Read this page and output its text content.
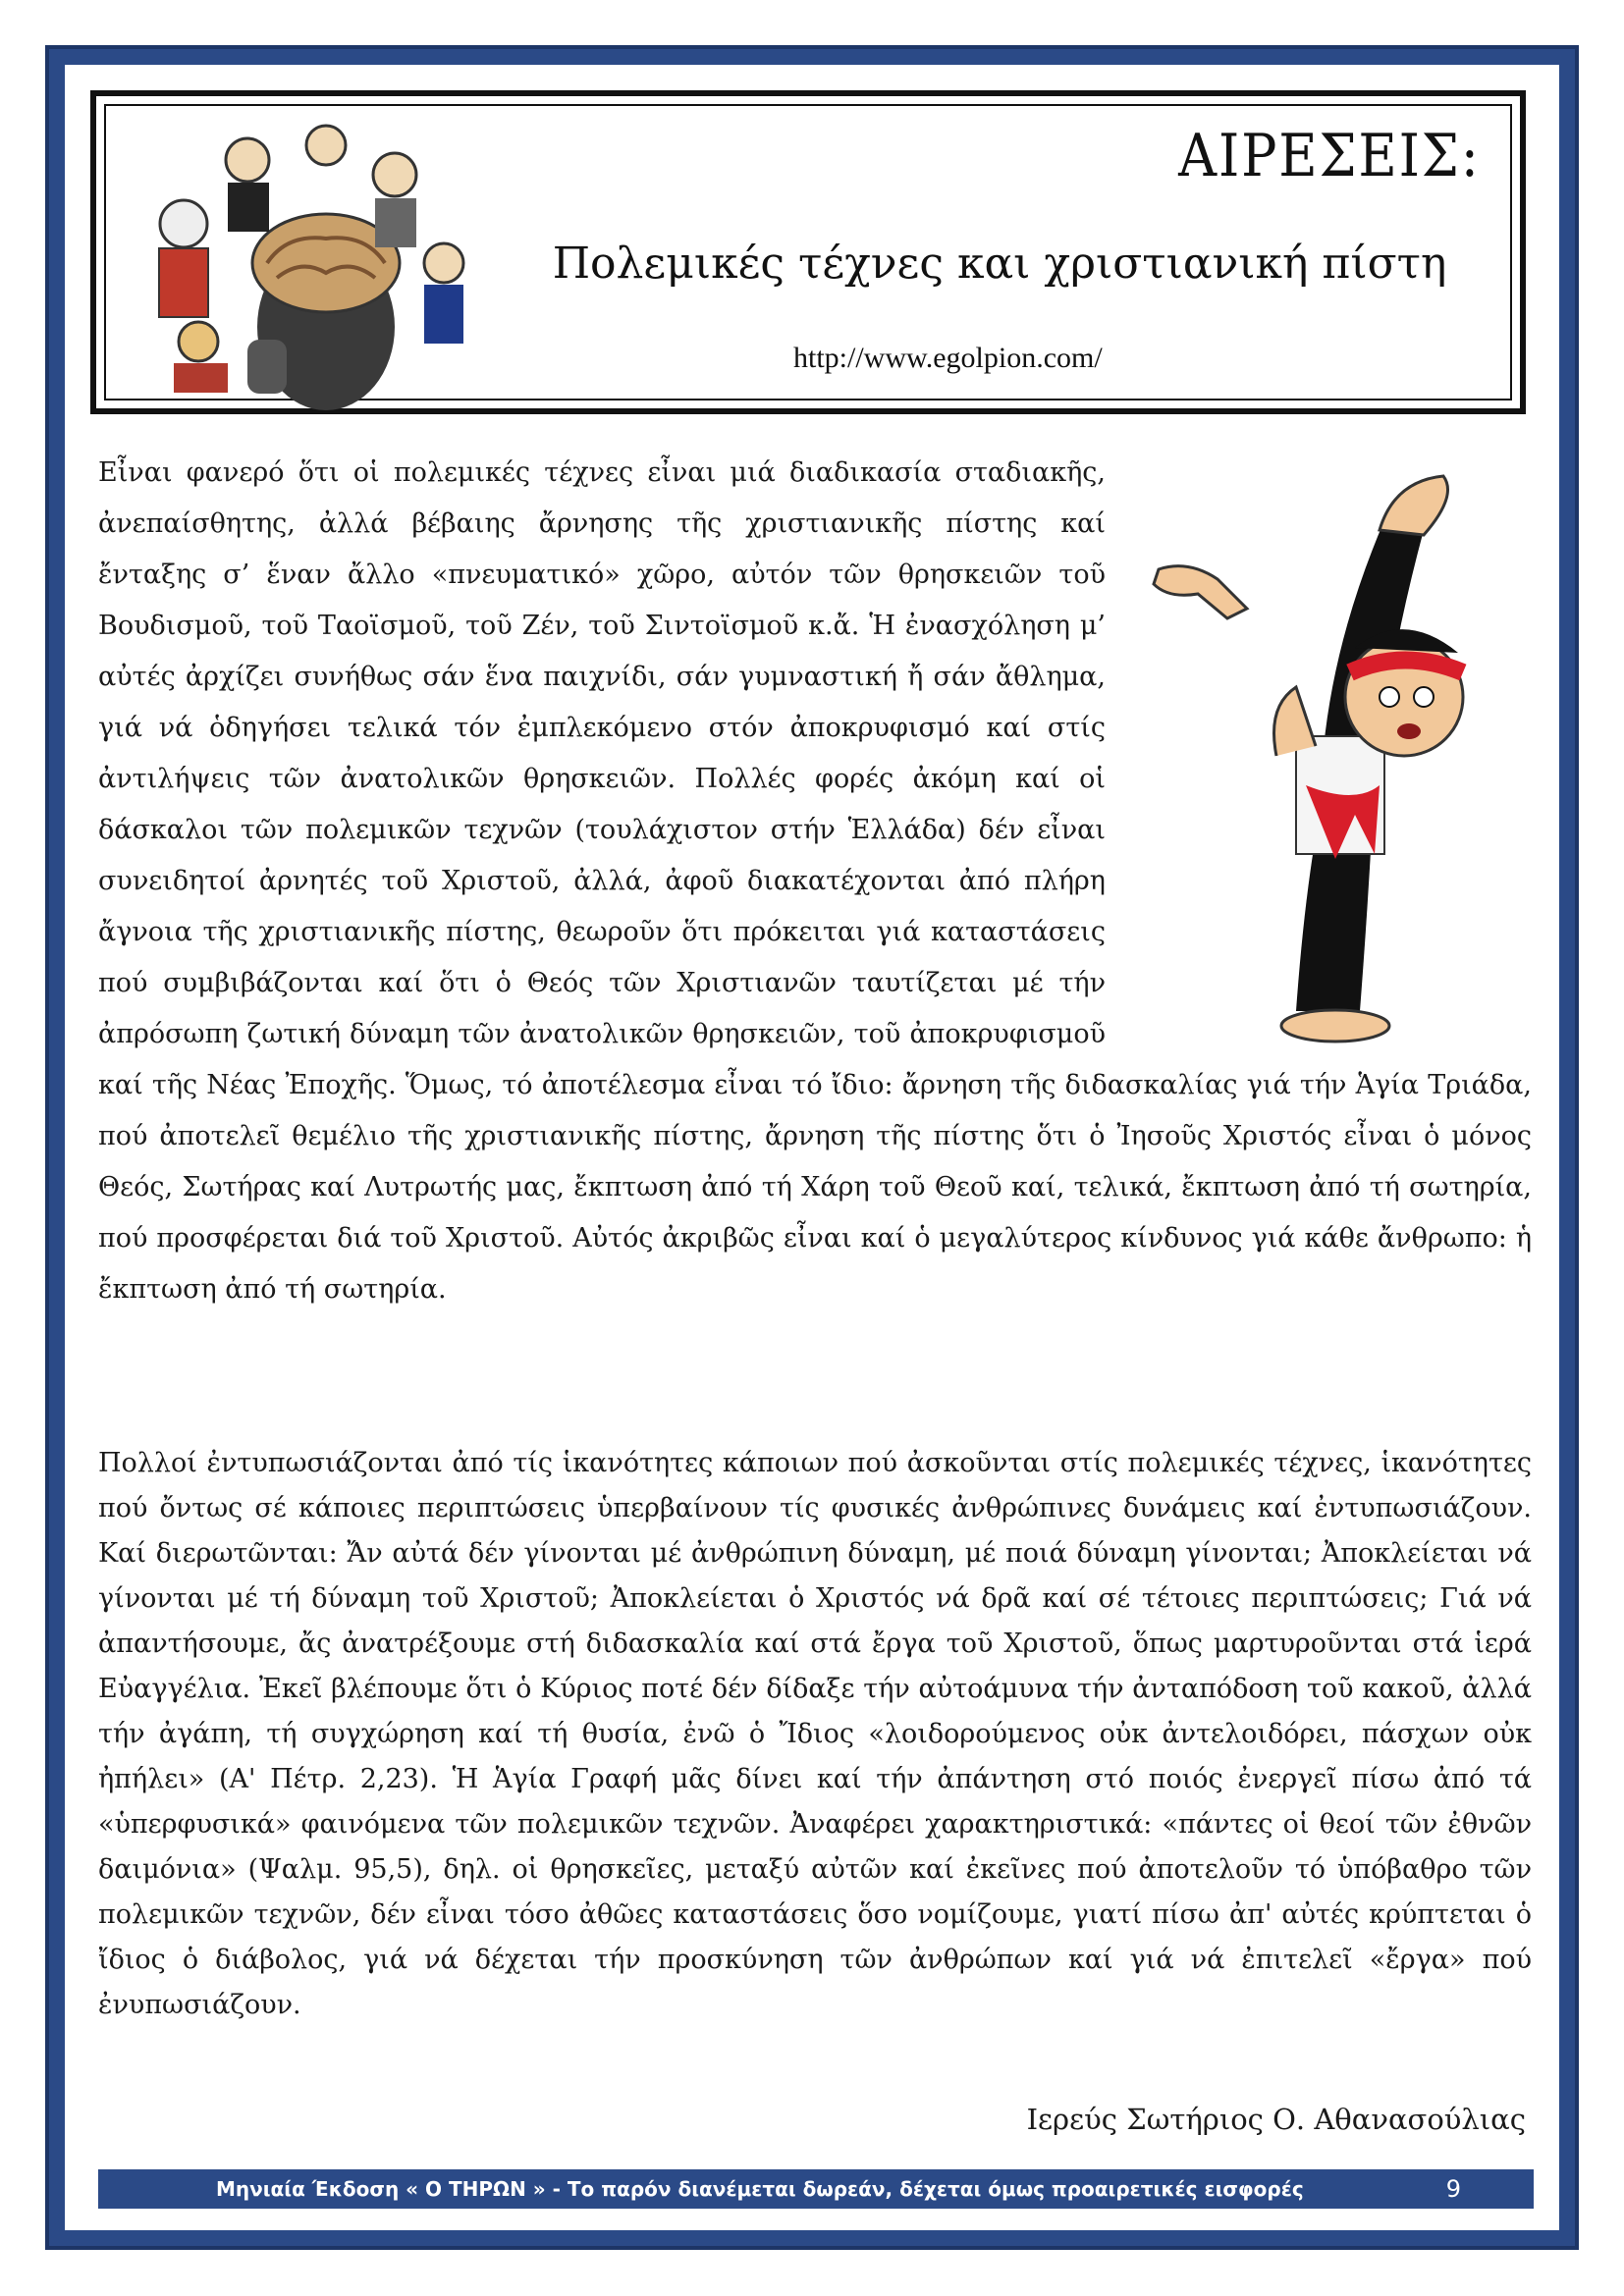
ΑΙΡΕΣΕΙΣ:
Πολεμικές τέχνες και χριστιανική πίστη
http://www.egolpion.com/
Εἶναι φανερό ὅτι οἱ πολεμικές τέχνες εἶναι μιά διαδικασία σταδιακῆς, ἀνεπαίσθητης, ἀλλά βέβαιης ἄρνησης τῆς χριστιανικῆς πίστης καί ἔνταξης σ’ ἕναν ἄλλο «πνευματικό» χῶρο, αὐτόν τῶν θρησκειῶν τοῦ Βουδισμοῦ, τοῦ Ταοϊσμοῦ, τοῦ Ζέν, τοῦ Σιντοϊσμοῦ κ.ἄ. Ἡ ἐνασχόληση μ’ αὐτές ἀρχίζει συνήθως σάν ἕνα παιχνίδι, σάν γυμναστική ἤ σάν ἄθλημα, γιά νά ὁδηγήσει τελικά τόν ἐμπλεκόμενο στόν ἀποκρυφισμό καί στίς ἀντιλήψεις τῶν ἀνατολικῶν θρησκειῶν. Πολλές φορές ἀκόμη καί οἱ δάσκαλοι τῶν πολεμικῶν τεχνῶν (τουλάχιστον στήν Ἑλλάδα) δέν εἶναι συνειδητοί ἀρνητές τοῦ Χριστοῦ, ἀλλά, ἀφοῦ διακατέχονται ἀπό πλήρη ἄγνοια τῆς χριστιανικῆς πίστης, θεωροῦν ὅτι πρόκειται γιά καταστάσεις πού συμβιβάζονται καί ὅτι ὁ Θεός τῶν Χριστιανῶν ταυτίζεται μέ τήν ἀπρόσωπη ζωτική δύναμη τῶν ἀνατολικῶν θρησκειῶν, τοῦ ἀποκρυφισμοῦ καί τῆς Νέας Ἐποχῆς. Ὅμως, τό ἀποτέλεσμα εἶναι τό ἴδιο: ἄρνηση τῆς διδασκαλίας γιά τήν Ἁγία Τριάδα, πού ἀποτελεῖ θεμέλιο τῆς χριστιανικῆς πίστης, ἄρνηση τῆς πίστης ὅτι ὁ Ἰησοῦς Χριστός εἶναι ὁ μόνος Θεός, Σωτήρας καί Λυτρωτής μας, ἔκπτωση ἀπό τή Χάρη τοῦ Θεοῦ καί, τελικά, ἔκπτωση ἀπό τή σωτηρία, πού προσφέρεται διά τοῦ Χριστοῦ. Αὐτός ἀκριβῶς εἶναι καί ὁ μεγαλύτερος κίνδυνος γιά κάθε ἄνθρωπο: ἡ ἔκπτωση ἀπό τή σωτηρία.

Πολλοί ἐντυπωσιάζονται ἀπό τίς ἱκανότητες κάποιων πού ἀσκοῦνται στίς πολεμικές τέχνες, ἱκανότητες πού ὄντως σέ κάποιες περιπτώσεις ὑπερβαίνουν τίς φυσικές ἀνθρώπινες δυνάμεις καί ἐντυπωσιάζουν. Καί διερωτῶνται: Ἄν αὐτά δέν γίνονται μέ ἀνθρώπινη δύναμη, μέ ποιά δύναμη γίνονται; Ἀποκλείεται νά γίνονται μέ τή δύναμη τοῦ Χριστοῦ; Ἀποκλείεται ὁ Χριστός νά δρᾶ καί σέ τέτοιες περιπτώσεις; Γιά νά ἀπαντήσουμε, ἄς ἀνατρέξουμε στή διδασκαλία καί στά ἔργα τοῦ Χριστοῦ, ὅπως μαρτυροῦνται στά ἱερά Εὐαγγέλια. Ἐκεῖ βλέπουμε ὅτι ὁ Κύριος ποτέ δέν δίδαξε τήν αὐτοάμυνα τήν ἀνταπόδοση τοῦ κακοῦ, ἀλλά τήν ἀγάπη, τή συγχώρηση καί τή θυσία, ἐνῶ ὁ Ἴδιος «λοιδορούμενος οὐκ ἀντελοιδόρει, πάσχων οὐκ ἠπήλει» (Α' Πέτρ. 2,23). Ἡ Ἁγία Γραφή μᾶς δίνει καί τήν ἀπάντηση στό ποιός ἐνεργεῖ πίσω ἀπό τά «ὑπερφυσικά» φαινόμενα τῶν πολεμικῶν τεχνῶν. Ἀναφέρει χαρακτηριστικά: «πάντες οἱ θεοί τῶν ἐθνῶν δαιμόνια» (Ψαλμ. 95,5), δηλ. οἱ θρησκεῖες, μεταξύ αὐτῶν καί ἐκεῖνες πού ἀποτελοῦν τό ὑπόβαθρο τῶν πολεμικῶν τεχνῶν, δέν εἶναι τόσο ἀθῶες καταστάσεις ὅσο νομίζουμε, γιατί πίσω ἀπ' αὐτές κρύπτεται ὁ ἴδιος ὁ διάβολος, γιά νά δέχεται τήν προσκύνηση τῶν ἀνθρώπων καί γιά νά ἐπιτελεῖ «ἔργα» πού ἐνυπωσιάζουν.

Ιερεύς Σωτήριος Ο. Αθανασούλιας
Μηνιαία Έκδοση « Ο ΤΗΡΩΝ » - Το παρόν διανέμεται δωρεάν, δέχεται όμως προαιρετικές εισφορές	9
